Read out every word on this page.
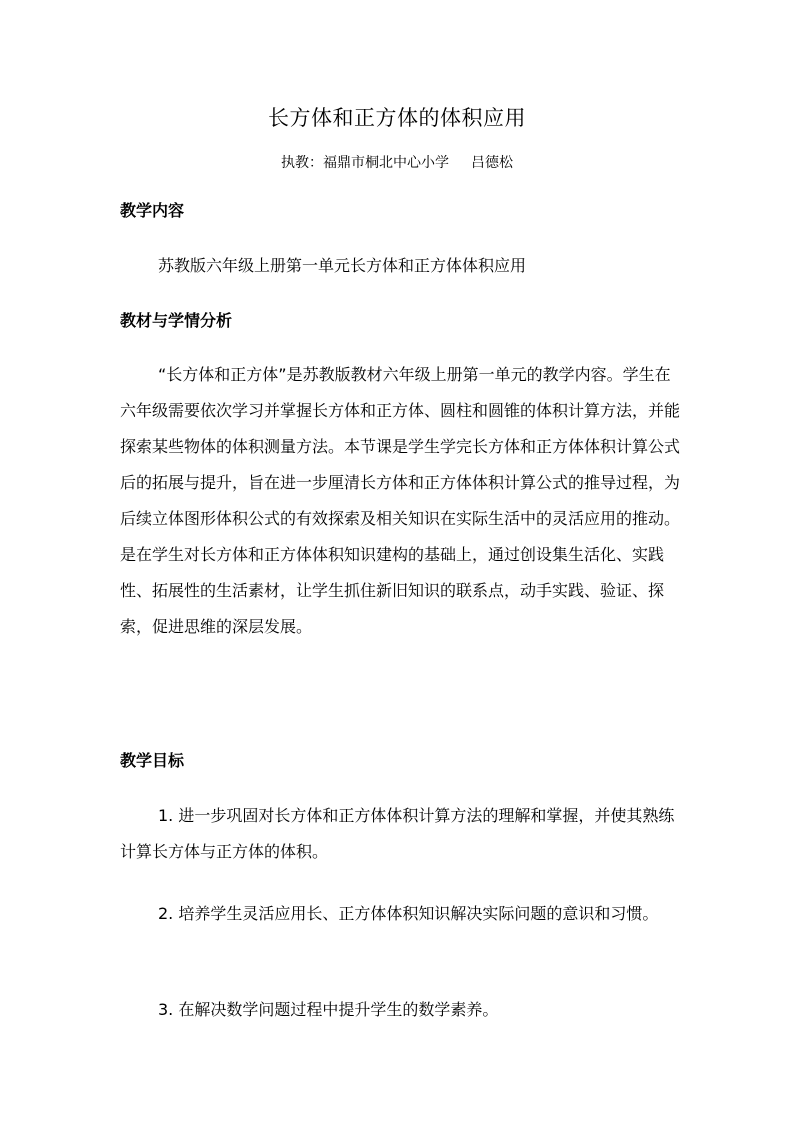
长方体和正方体的体积应用
执教：福鼎市桐北中心小学 吕德松
教学内容
苏教版六年级上册第一单元长方体和正方体体积应用
教材与学情分析

“长方体和正方体”是苏教版教材六年级上册第一单元的教学内容。学生在六年级需要依次学习并掌握长方体和正方体、圆柱和圆锥的体积计算方法，并能探索某些物体的体积测量方法。本节课是学生学完长方体和正方体体积计算公式后的拓展与提升，旨在进一步厘清长方体和正方体体积计算公式的推导过程，为后续立体图形体积公式的有效探索及相关知识在实际生活中的灵活应用的推动。是在学生对长方体和正方体体积知识建构的基础上，通过创设集生活化、实践性、拓展性的生活素材，让学生抓住新旧知识的联系点，动手实践、验证、探索，促进思维的深层发展。

教学目标

1. 进一步巩固对长方体和正方体体积计算方法的理解和掌握，并使其熟练计算长方体与正方体的体积。

2. 培养学生灵活应用长、正方体体积知识解决实际问题的意识和习惯。

3. 在解决数学问题过程中提升学生的数学素养。
